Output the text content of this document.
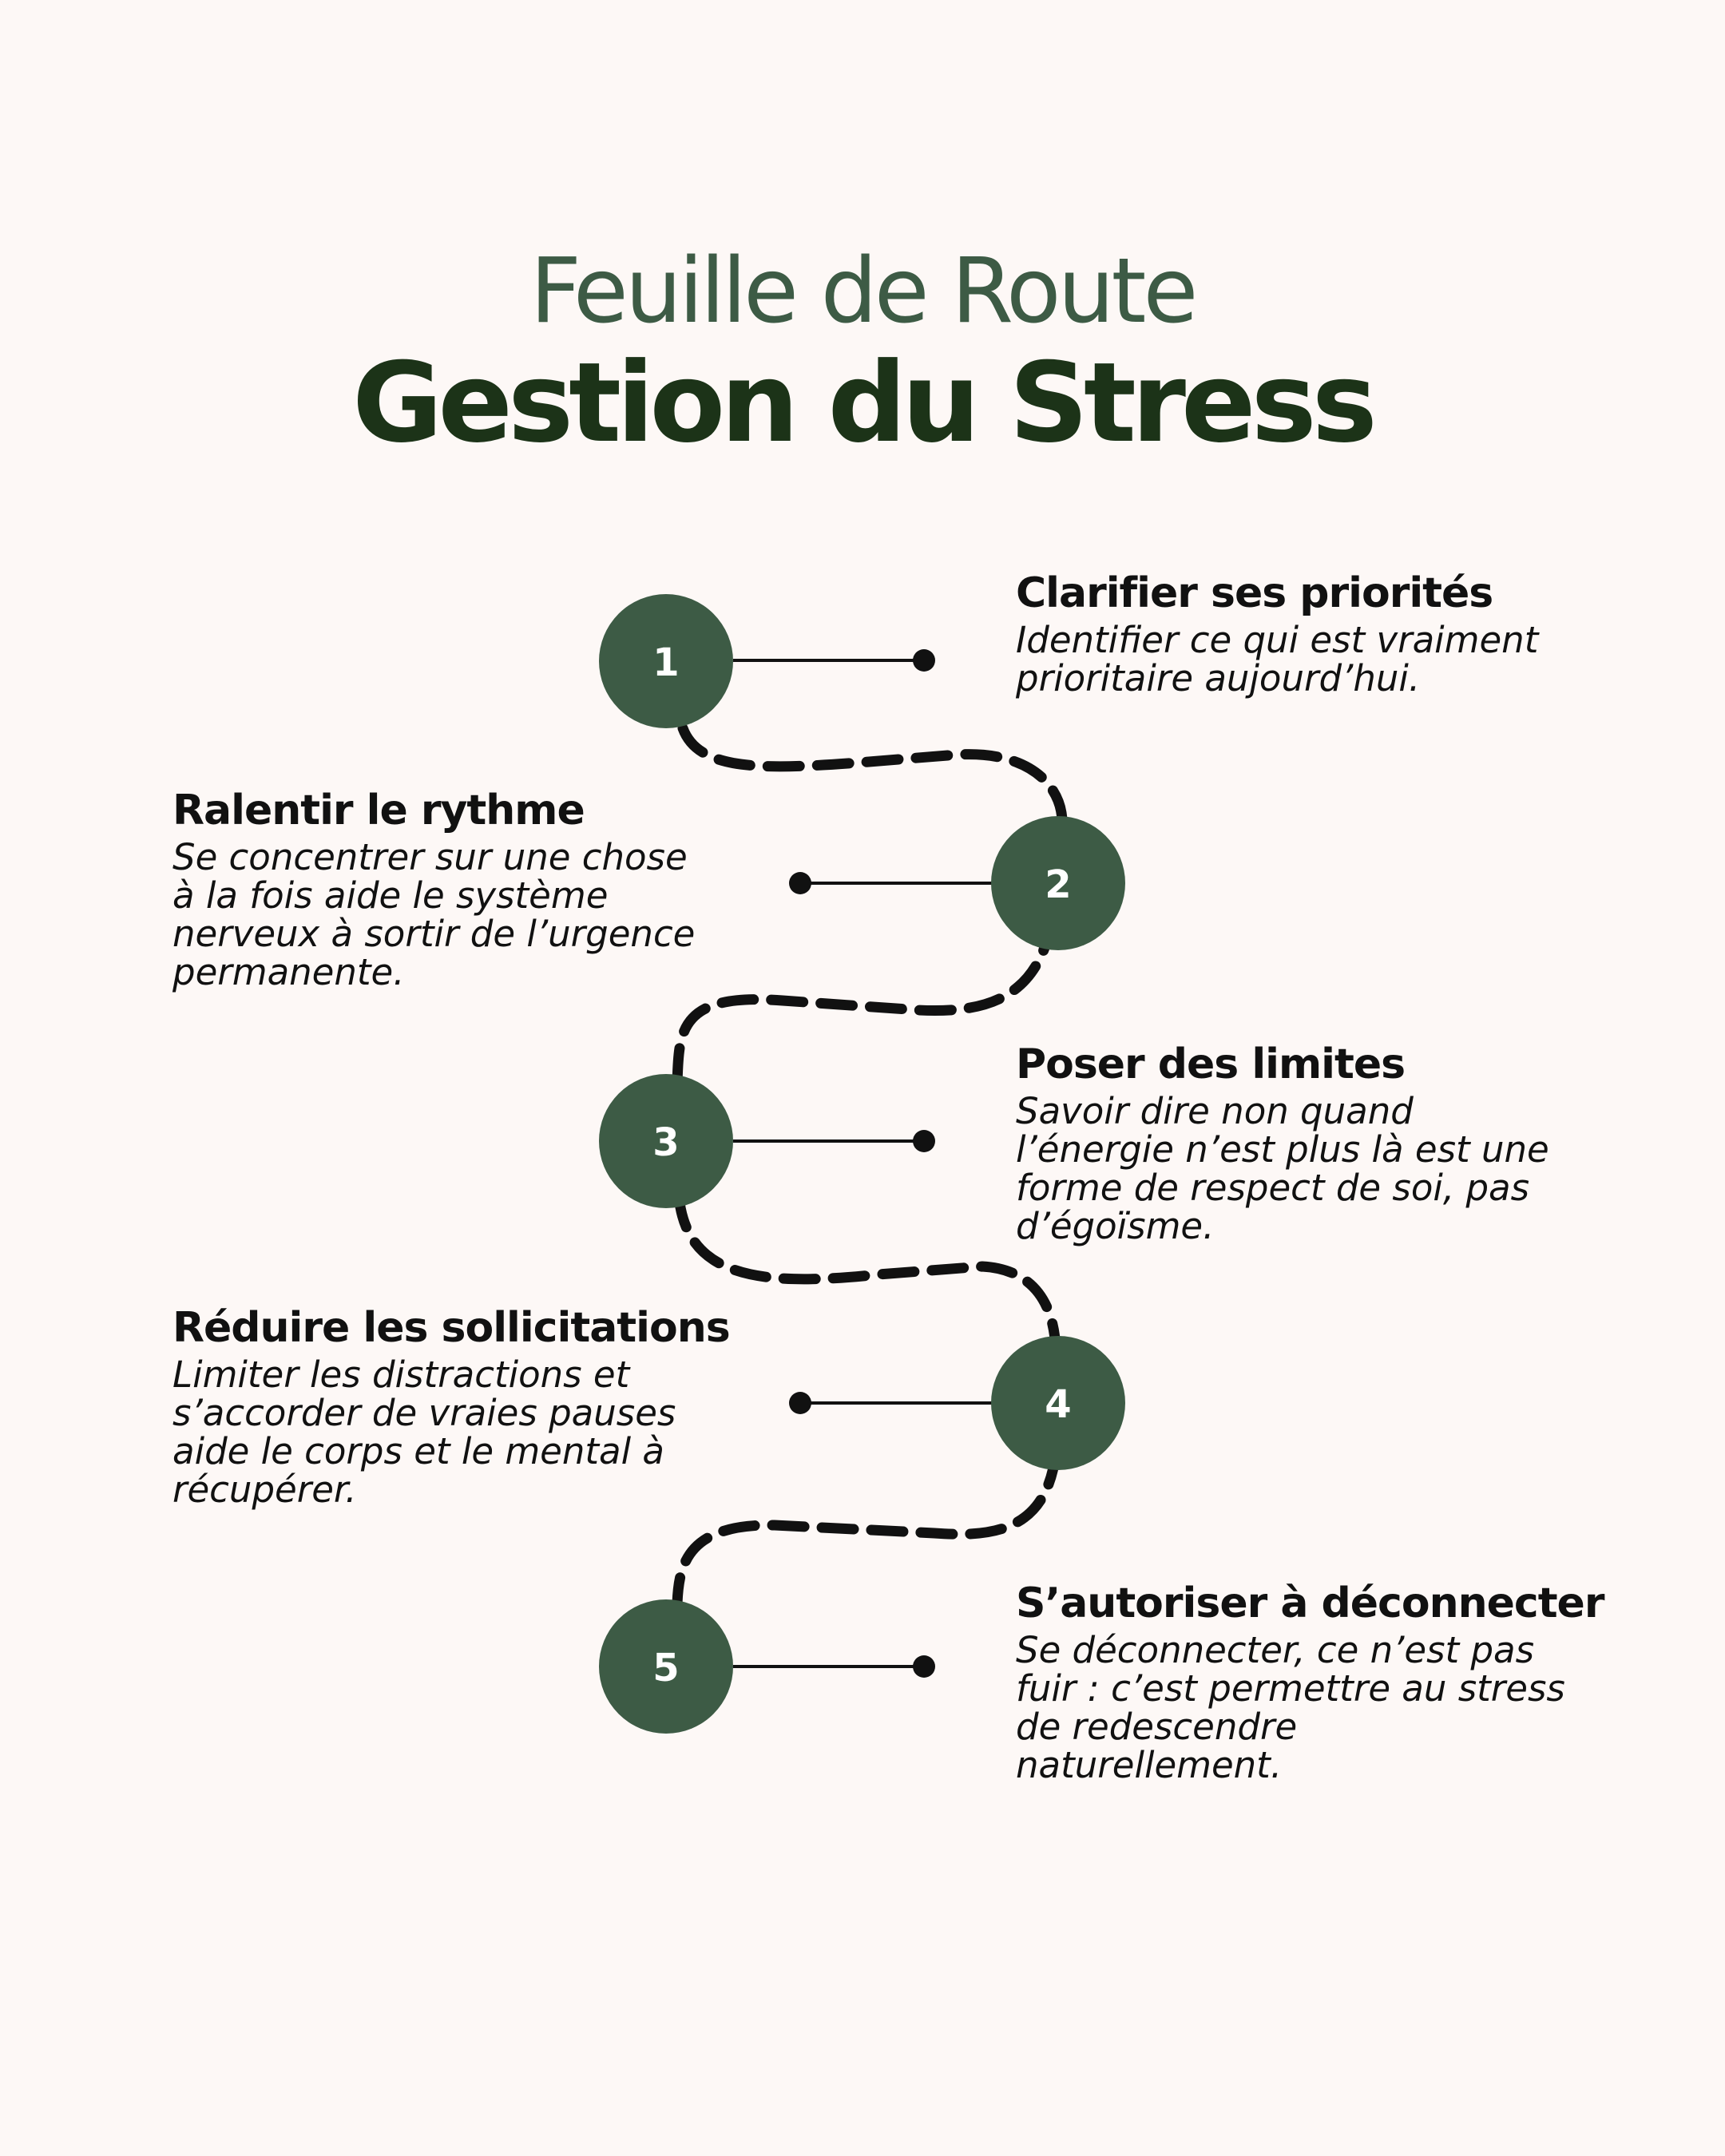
Feuille de Route
Gestion du Stress
1
2
3
4
5
Clarifier ses priorités
Identifier ce qui est vraiment
prioritaire aujourd’hui.
Ralentir le rythme
Se concentrer sur une chose
à la fois aide le système
nerveux à sortir de l’urgence
permanente.
Poser des limites
Savoir dire non quand
l’énergie n’est plus là est une
forme de respect de soi, pas
d’égoïsme.
Réduire les sollicitations
Limiter les distractions et
s’accorder de vraies pauses
aide le corps et le mental à
récupérer.
S’autoriser à déconnecter
Se déconnecter, ce n’est pas
fuir : c’est permettre au stress
de redescendre
naturellement.
